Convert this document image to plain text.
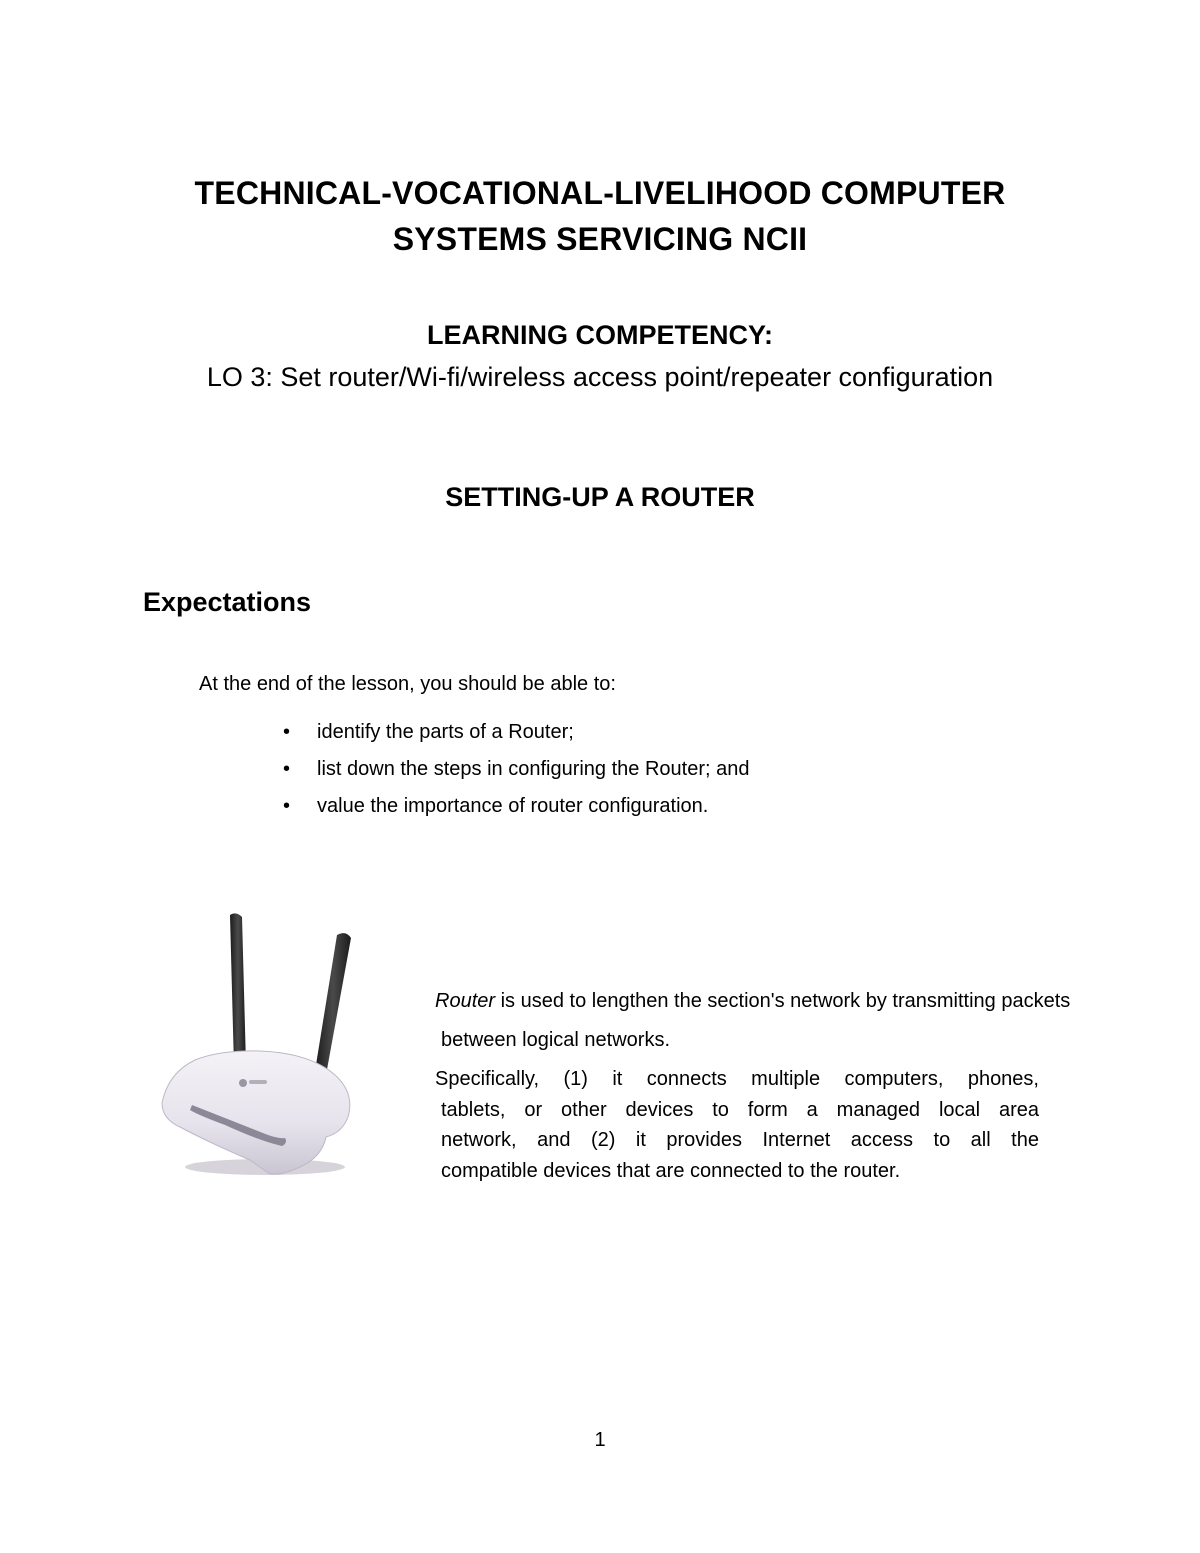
TECHNICAL-VOCATIONAL-LIVELIHOOD COMPUTER
SYSTEMS SERVICING NCII
LEARNING COMPETENCY:
LO 3: Set router/Wi-fi/wireless access point/repeater configuration
SETTING-UP A ROUTER
Expectations
At the end of the lesson, you should be able to:
• identify the parts of a Router;
• list down the steps in configuring the Router; and
• value the importance of router configuration.
Router is used to lengthen the section's network by transmitting packets
between logical networks.
Specifically, (1) it connects multiple computers, phones,
tablets, or other devices to form a managed local area
network, and (2) it provides Internet access to all the
compatible devices that are connected to the router.
1
